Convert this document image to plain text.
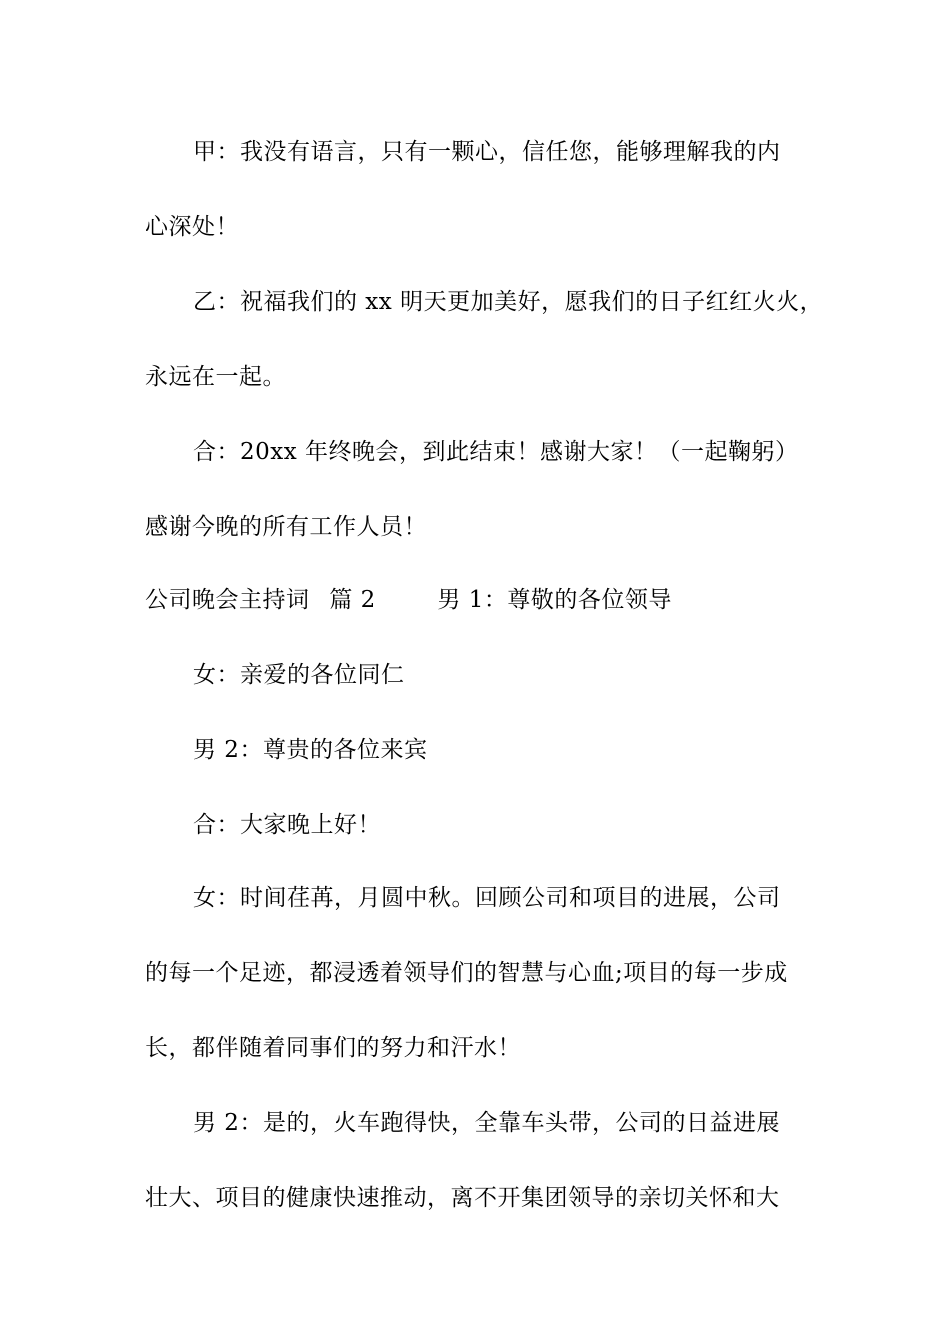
甲：我没有语言，只有一颗心，信任您，能够理解我的内
心深处！
乙：祝福我们的 xx 明天更加美好，愿我们的日子红红火火，
永远在一起。
合：20xx 年终晚会，到此结束！感谢大家！（一起鞠躬）
感谢今晚的所有工作人员！
公司晚会主持词 篇 2	男 1：尊敬的各位领导
女：亲爱的各位同仁
男 2：尊贵的各位来宾
合：大家晚上好！
女：时间荏苒，月圆中秋。回顾公司和项目的进展，公司
的每一个足迹，都浸透着领导们的智慧与心血;项目的每一步成
长，都伴随着同事们的努力和汗水！
男 2：是的，火车跑得快，全靠车头带，公司的日益进展
壮大、项目的健康快速推动，离不开集团领导的亲切关怀和大
